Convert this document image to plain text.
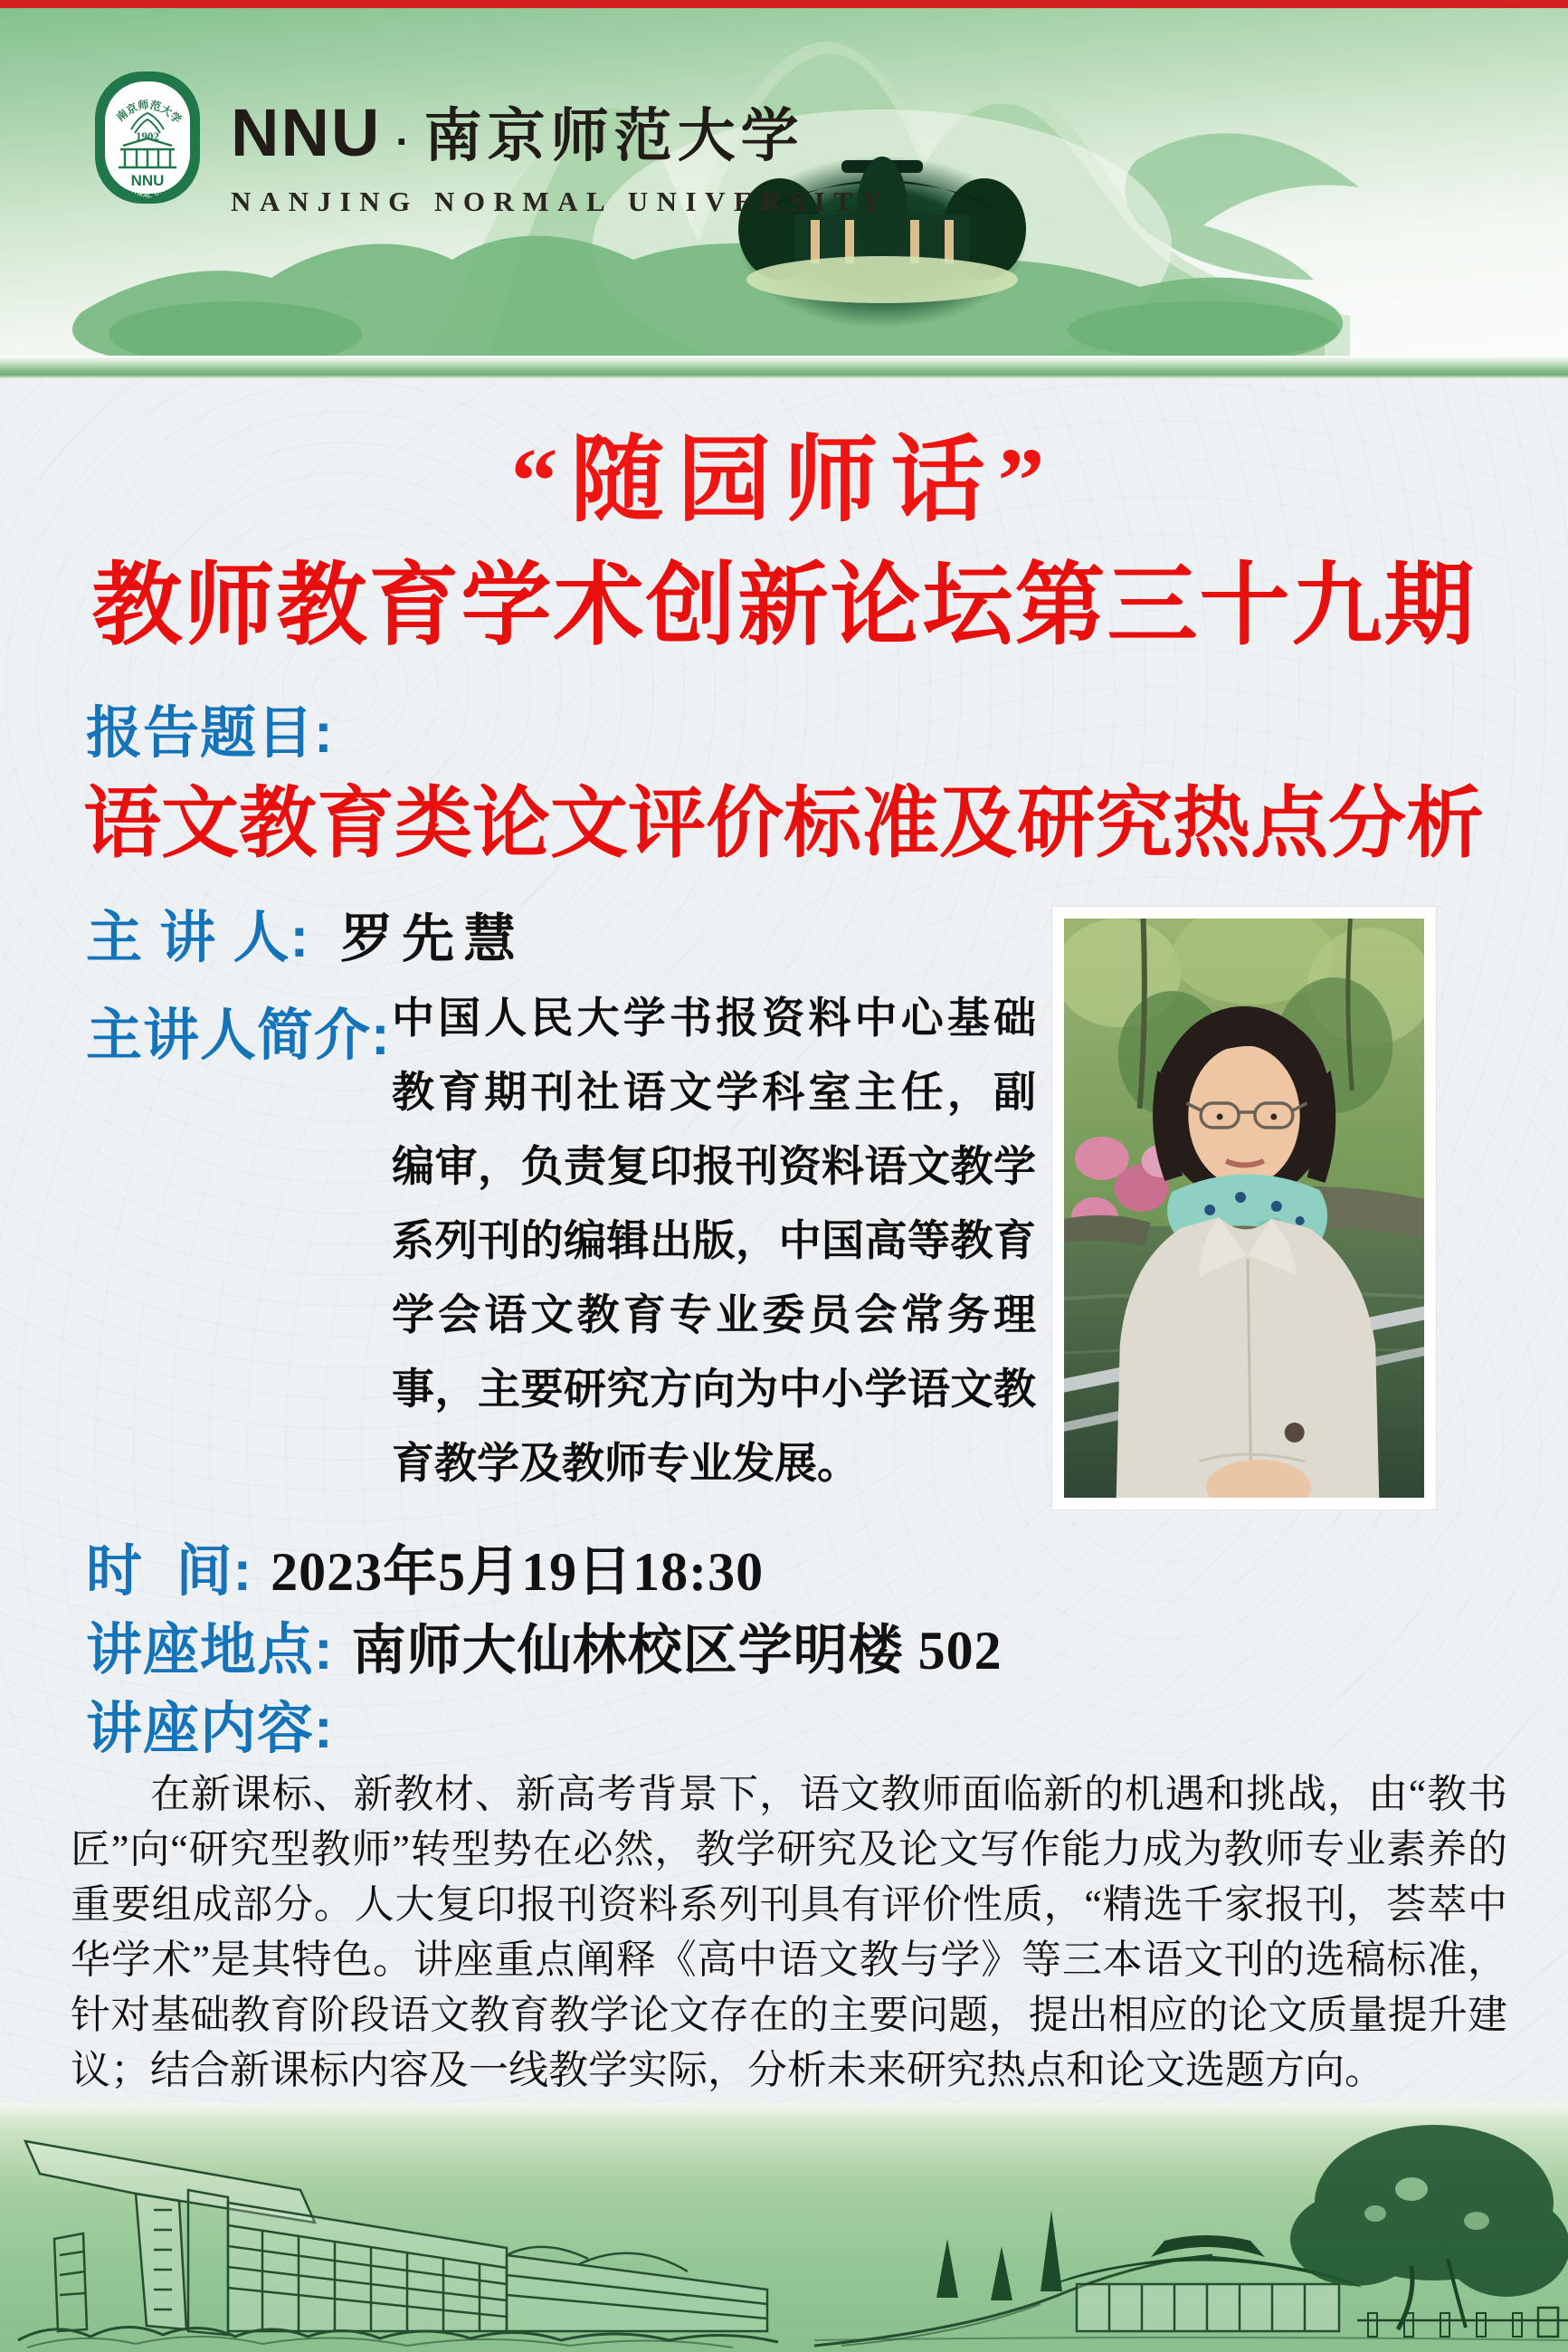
南京师范大学
1902
NNU
NANJING NORMAL UNIVERSITY NNU · 南京师范大学
NANJING NORMAL UNIVERSITY
“随园师话”
教师教育学术创新论坛第三十九期
报告题目:
语文教育类论文评价标准及研究热点分析
主 讲 人: 罗先慧
主讲人简介: 中国人民大学书报资料中心基础
教育期刊社语文学科室主任，副
编审，负责复印报刊资料语文教学
系列刊的编辑出版，中国高等教育
学会语文教育专业委员会常务理
事，主要研究方向为中小学语文教
育教学及教师专业发展。
时  间: 2023年5月19日18:30
讲座地点: 南师大仙林校区学明楼 502
讲座内容:

在新课标、新教材、新高考背景下，语文教师面临新的机遇和挑战，由“教书匠”向“研究型教师”转型势在必然，教学研究及论文写作能力成为教师专业素养的重要组成部分。人大复印报刊资料系列刊具有评价性质，“精选千家报刊，荟萃中华学术”是其特色。讲座重点阐释《高中语文教与学》等三本语文刊的选稿标准，针对基础教育阶段语文教育教学论文存在的主要问题，提出相应的论文质量提升建议；结合新课标内容及一线教学实际，分析未来研究热点和论文选题方向。
